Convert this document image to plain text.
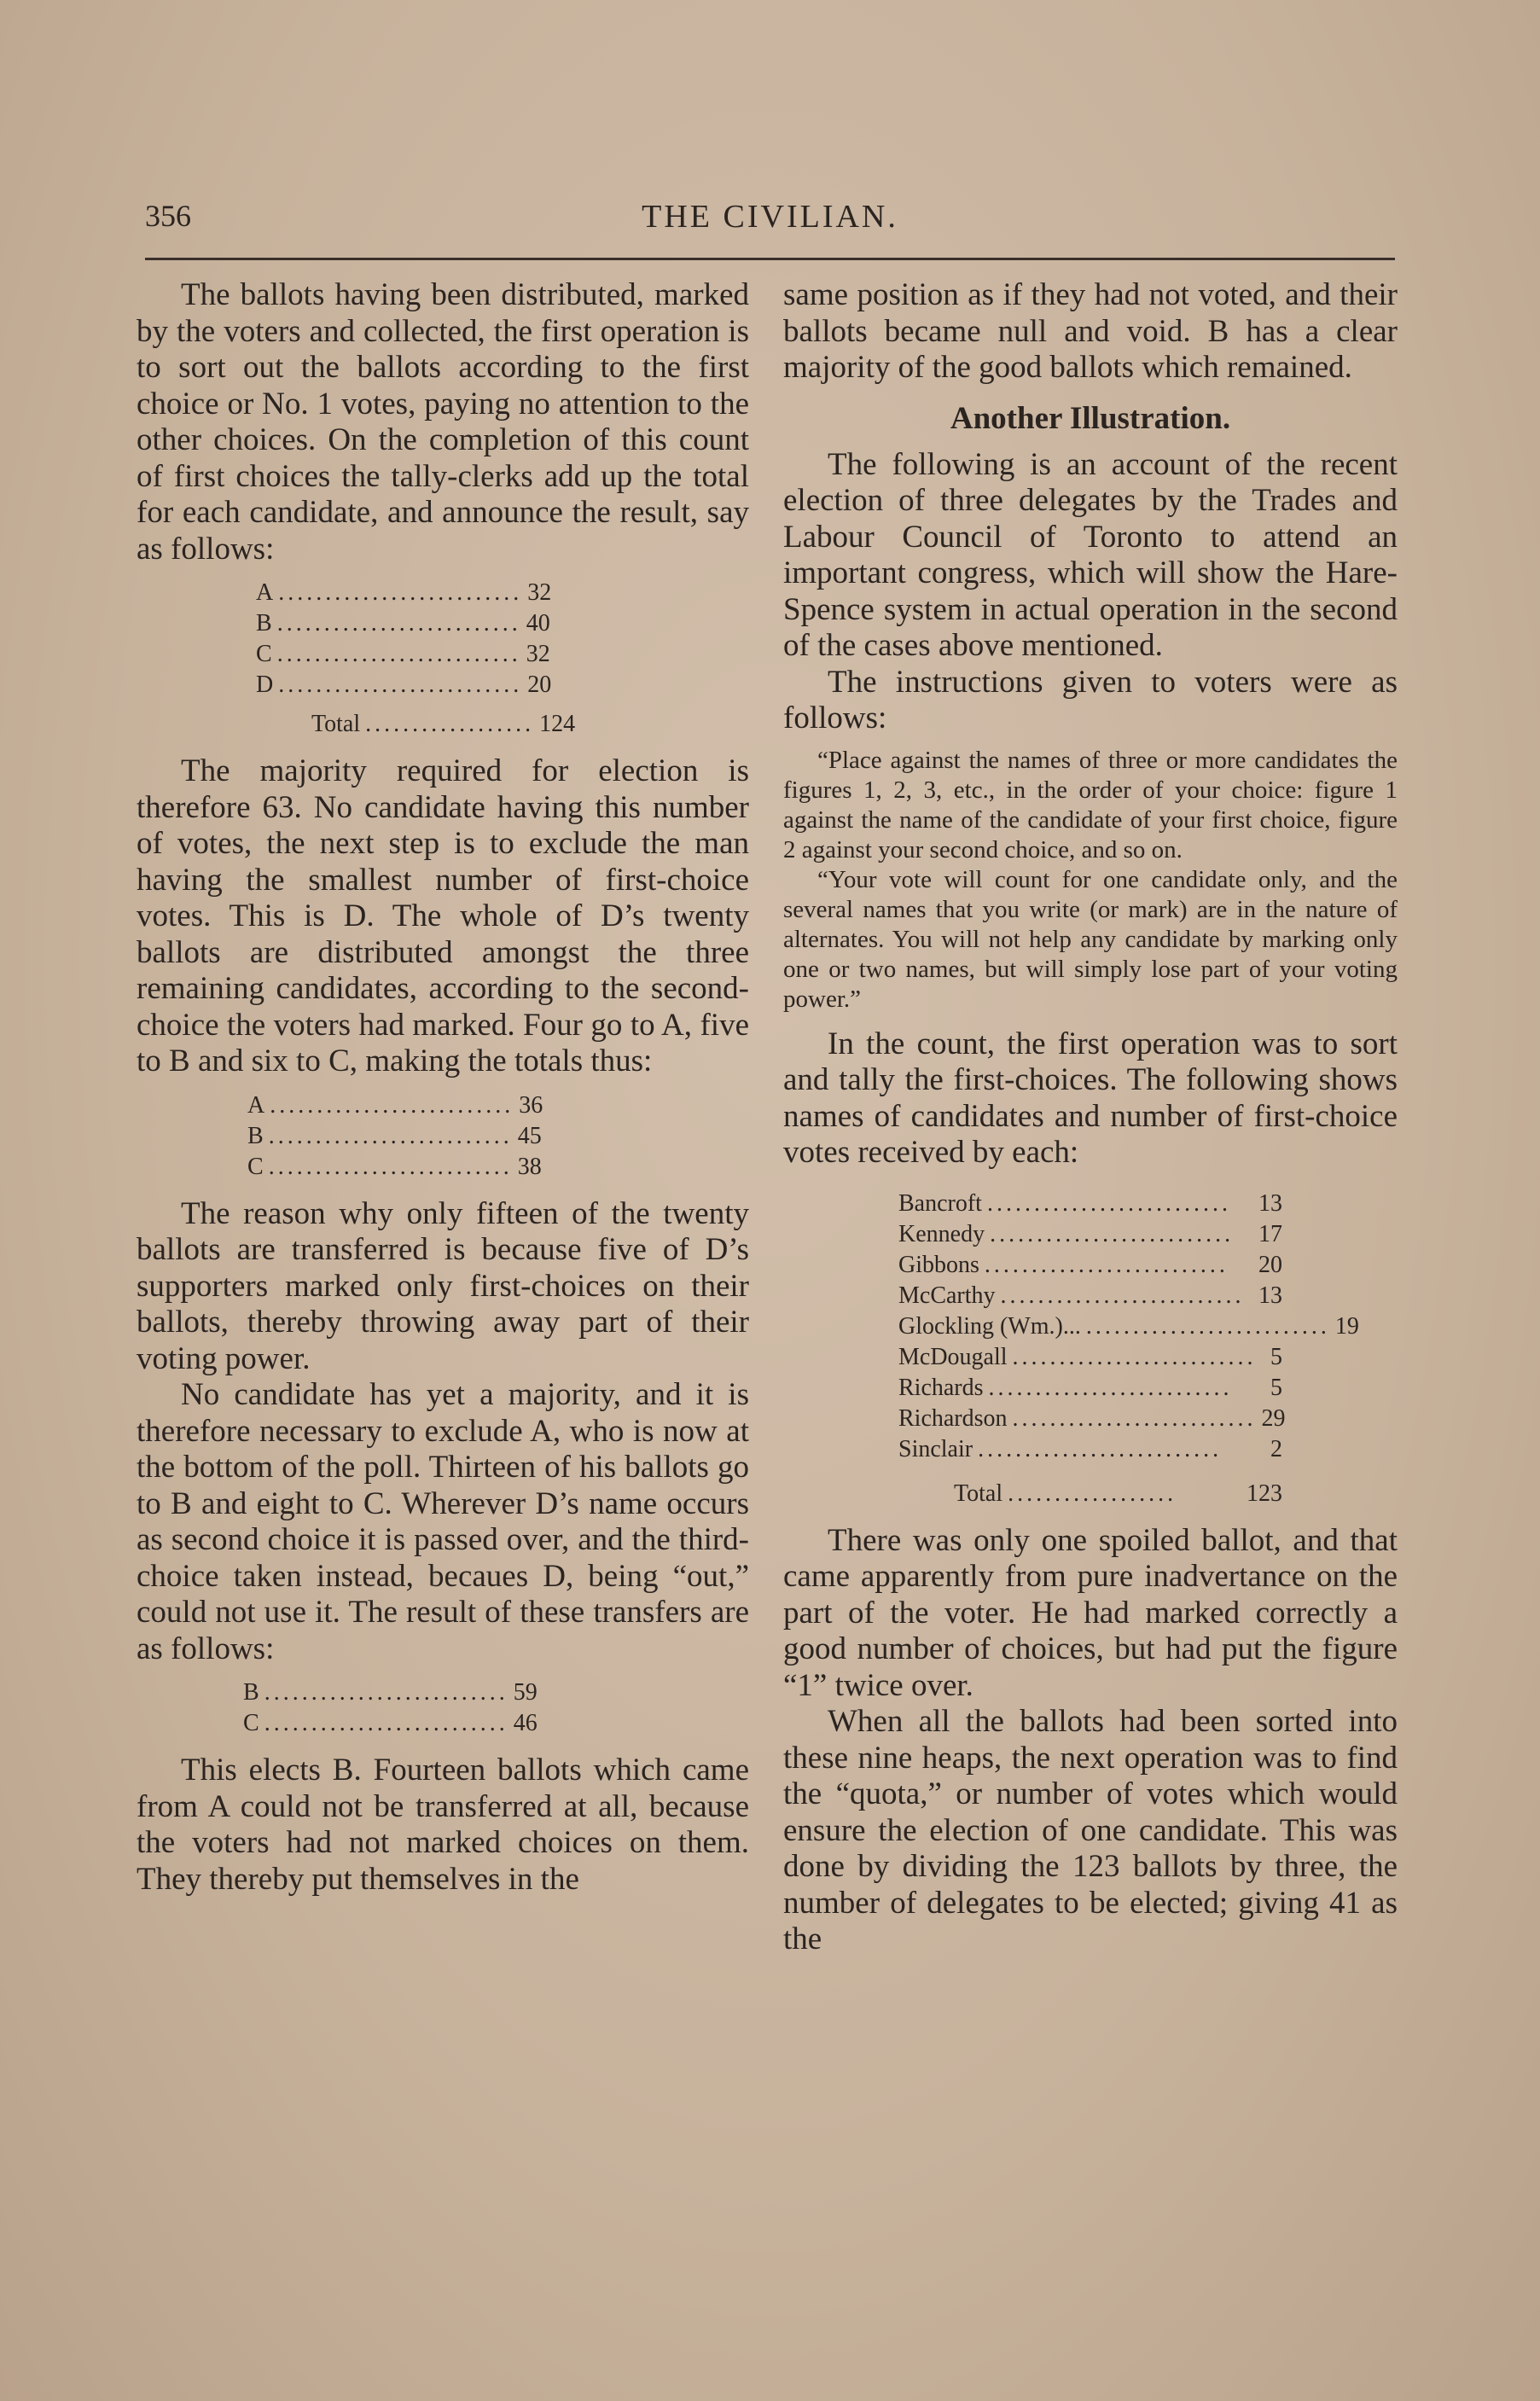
356	THE CIVILIAN.

The ballots having been distributed, marked by the voters and collected, the first operation is to sort out the ballots according to the first choice or No. 1 votes, paying no attention to the other choices. On the completion of this count of first choices the tally-clerks add up the total for each candidate, and announce the result, say as follows:

A .......................... 32
B .......................... 40
C .......................... 32
D .......................... 20
Total .................. 124

The majority required for election is therefore 63. No candidate having this number of votes, the next step is to exclude the man having the smallest number of first-choice votes. This is D. The whole of D’s twenty ballots are distributed amongst the three remaining candidates, according to the second-choice the voters had marked. Four go to A, five to B and six to C, making the totals thus:

A .......................... 36
B .......................... 45
C .......................... 38

The reason why only fifteen of the twenty ballots are transferred is because five of D’s supporters marked only first-choices on their ballots, thereby throwing away part of their voting power.

No candidate has yet a majority, and it is therefore necessary to exclude A, who is now at the bottom of the poll. Thirteen of his ballots go to B and eight to C. Wherever D’s name occurs as second choice it is passed over, and the third-choice taken instead, becaues D, being “out,” could not use it. The result of these transfers are as follows:

B .......................... 59
C .......................... 46

This elects B. Fourteen ballots which came from A could not be transferred at all, because the voters had not marked choices on them. They thereby put themselves in the

same position as if they had not voted, and their ballots became null and void. B has a clear majority of the good ballots which remained.

Another Illustration.

The following is an account of the recent election of three delegates by the Trades and Labour Council of Toronto to attend an important congress, which will show the Hare-Spence system in actual operation in the second of the cases above mentioned.

The instructions given to voters were as follows:

“Place against the names of three or more candidates the figures 1, 2, 3, etc., in the order of your choice: figure 1 against the name of the candidate of your first choice, figure 2 against your second choice, and so on.

“Your vote will count for one candidate only, and the several names that you write (or mark) are in the nature of alternates. You will not help any candidate by marking only one or two names, but will simply lose part of your voting power.”

In the count, the first operation was to sort and tally the first-choices. The following shows names of candidates and number of first-choice votes received by each:

Bancroft ..........................	13
Kennedy ..........................	17
Gibbons ..........................	20
McCarthy .......................... 13
Glockling (Wm.)... .......................... 19
McDougall .......................... 5
Richards ..........................	5
Richardson .......................... 29
Sinclair ..........................	2
Total ..................	123

There was only one spoiled ballot, and that came apparently from pure inadvertance on the part of the voter. He had marked correctly a good number of choices, but had put the figure “1” twice over.

When all the ballots had been sorted into these nine heaps, the next operation was to find the “quota,” or number of votes which would ensure the election of one candidate. This was done by dividing the 123 ballots by three, the number of delegates to be elected; giving 41 as the
